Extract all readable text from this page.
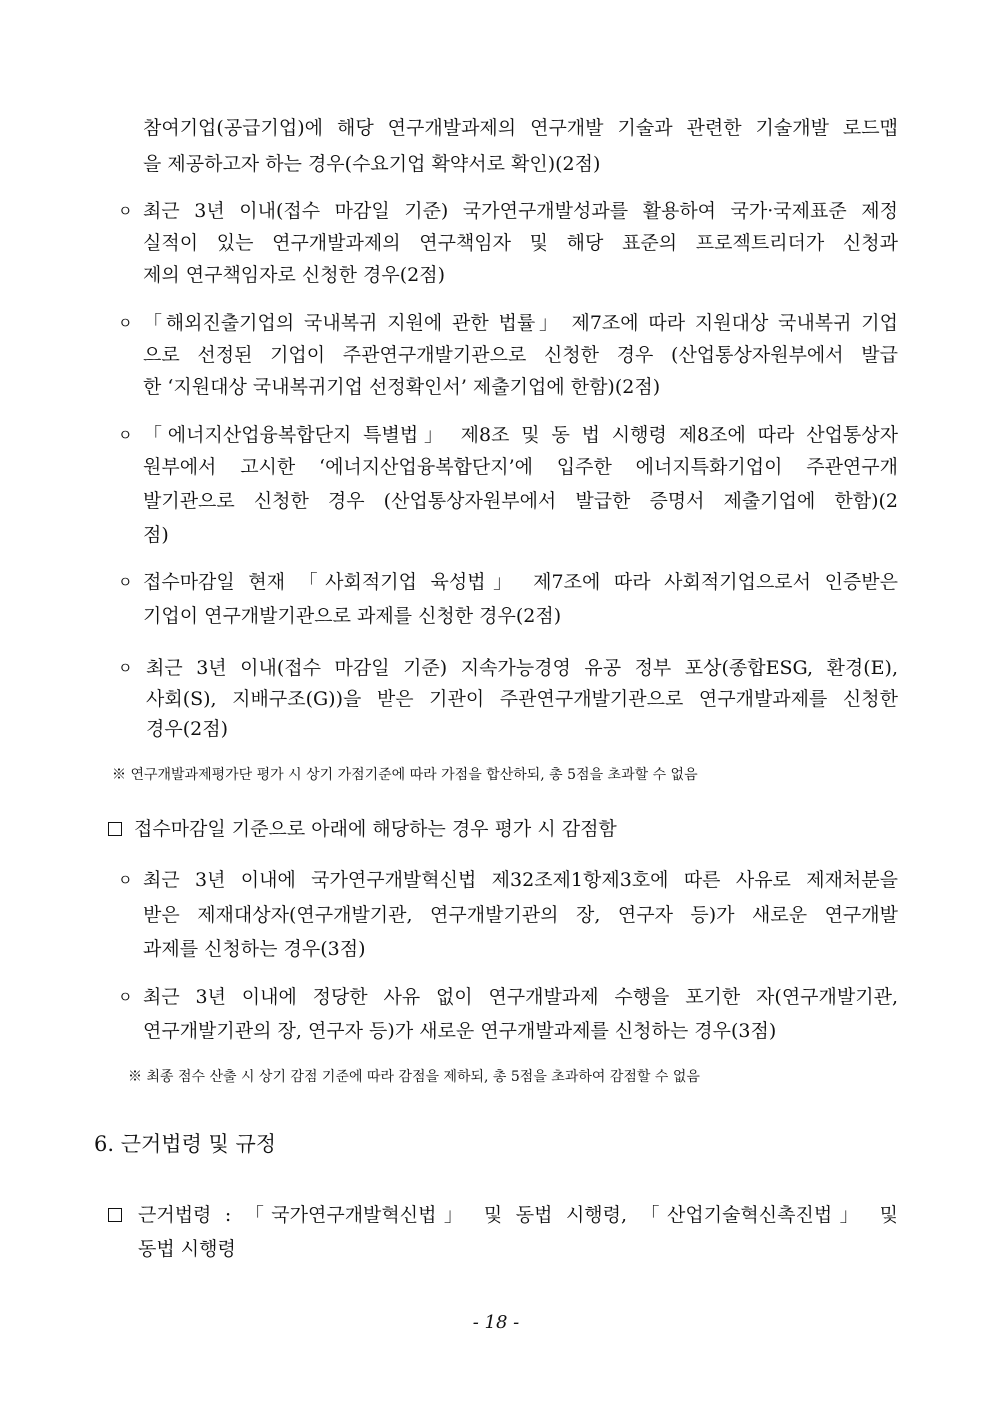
참여기업(공급기업)에 해당 연구개발과제의 연구개발 기술과 관련한 기술개발 로드맵
을 제공하고자 하는 경우(수요기업 확약서로 확인)(2점)
ㅇ 최근 3년 이내(접수 마감일 기준) 국가연구개발성과를 활용하여 국가·국제표준 제정
실적이 있는 연구개발과제의 연구책임자 및 해당 표준의 프로젝트리더가 신청과
제의 연구책임자로 신청한 경우(2점)
ㅇ 「해외진출기업의 국내복귀 지원에 관한 법률」 제7조에 따라 지원대상 국내복귀 기업
으로 선정된 기업이 주관연구개발기관으로 신청한 경우 (산업통상자원부에서 발급
한 ‘지원대상 국내복귀기업 선정확인서’ 제출기업에 한함)(2점)
ㅇ 「에너지산업융복합단지 특별법」 제8조 및 동 법 시행령 제8조에 따라 산업통상자
원부에서 고시한 ‘에너지산업융복합단지’에 입주한 에너지특화기업이 주관연구개
발기관으로 신청한 경우 (산업통상자원부에서 발급한 증명서 제출기업에 한함)(2
점)
ㅇ 접수마감일 현재 「사회적기업 육성법」 제7조에 따라 사회적기업으로서 인증받은
기업이 연구개발기관으로 과제를 신청한 경우(2점)
ㅇ 최근 3년 이내(접수 마감일 기준) 지속가능경영 유공 정부 포상(종합ESG, 환경(E),
사회(S), 지배구조(G))을 받은 기관이 주관연구개발기관으로 연구개발과제를 신청한
경우(2점)
※ 연구개발과제평가단 평가 시 상기 가점기준에 따라 가점을 합산하되, 총 5점을 초과할 수 없음
접수마감일 기준으로 아래에 해당하는 경우 평가 시 감점함
ㅇ 최근 3년 이내에 국가연구개발혁신법 제32조제1항제3호에 따른 사유로 제재처분을
받은 제재대상자(연구개발기관, 연구개발기관의 장, 연구자 등)가 새로운 연구개발
과제를 신청하는 경우(3점)
ㅇ 최근 3년 이내에 정당한 사유 없이 연구개발과제 수행을 포기한 자(연구개발기관,
연구개발기관의 장, 연구자 등)가 새로운 연구개발과제를 신청하는 경우(3점)
※ 최종 점수 산출 시 상기 감점 기준에 따라 감점을 제하되, 총 5점을 초과하여 감점할 수 없음
6. 근거법령 및 규정
근거법령 : 「국가연구개발혁신법」 및 동법 시행령, 「산업기술혁신촉진법」 및
동법 시행령
- 18 -
